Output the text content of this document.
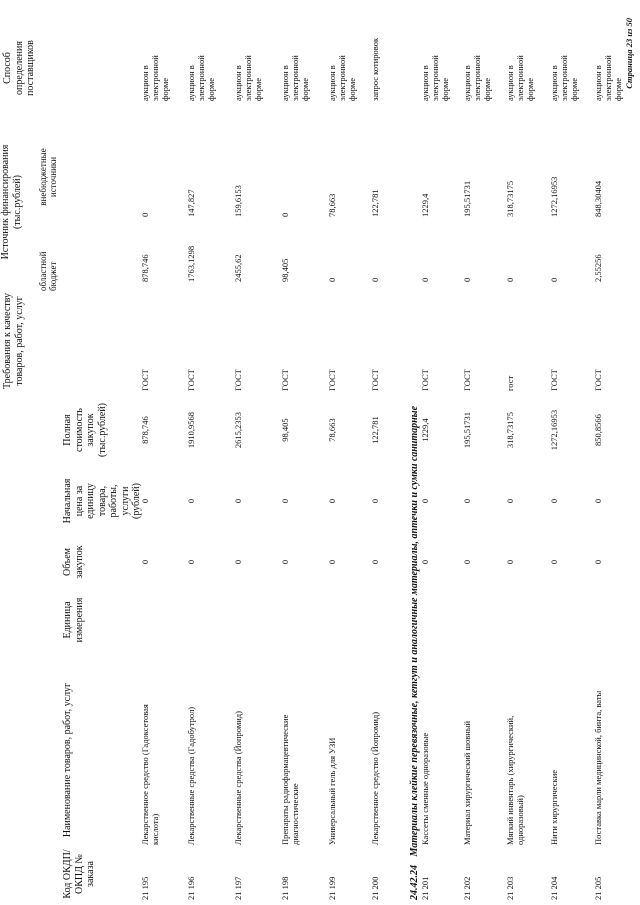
Код ОКДП/ ОКПД № заказа
Наименование товаров, работ, услуг
Единица измерения
Объем закупок
Начальная цена за единицу товара, работы, услуги (рублей)
Полная стоимость закупок (тыс.рублей)
Требования к качеству товаров, работ, услуг
Источник финансирования (тыс.рублей)
областной бюджет
внебюджетные источники
Способ определения поставщиков
24.42.24 Материалы клейкие перевязочные, кетгут и аналогичные материалы, аптечки и сумки санитарные
Страница 23 из 50
21 195
Лекарственное средство (Гадоксетовая кислота)
0
0
878,746
ГОСТ
878,746
0
аукцион в электронной форме
21 196
Лекарственные средства (Гадобутрол)
0
0
1910,9568
ГОСТ
1763,1298
147,827
аукцион в электронной форме
21 197
Лекарственные средства (Йопромид)
0
0
2615,2353
ГОСТ
2455,62
159,6153
аукцион в электронной форме
21 198
Препараты радиофармацевтические диагностические
0
0
98,405
ГОСТ
98,405
0
аукцион в электронной форме
21 199
Универсальный гель для УЗИ
0
0
78,663
ГОСТ
0
78,663
аукцион в электронной форме
21 200
Лекарственное средство (Йопромид)
0
0
122,781
ГОСТ
0
122,781
запрос котировок
21 201
Кассеты сменные одноразовые
0
0
1229,4
ГОСТ
0
1229,4
аукцион в электронной форме
21 202
Материал хирургический шовный
0
0
195,51731
ГОСТ
0
195,51731
аукцион в электронной форме
21 203
Мягкий инвентарь (хирургический, одноразовый)
0
0
318,73175
гост
0
318,73175
аукцион в электронной форме
21 204
Нити хирургические
0
0
1272,16953
ГОСТ
0
1272,16953
аукцион в электронной форме
21 205
Поставка марли медицинской, бинта, ваты
0
0
850,8566
ГОСТ
2,55256
848,30404
аукцион в электронной форме
